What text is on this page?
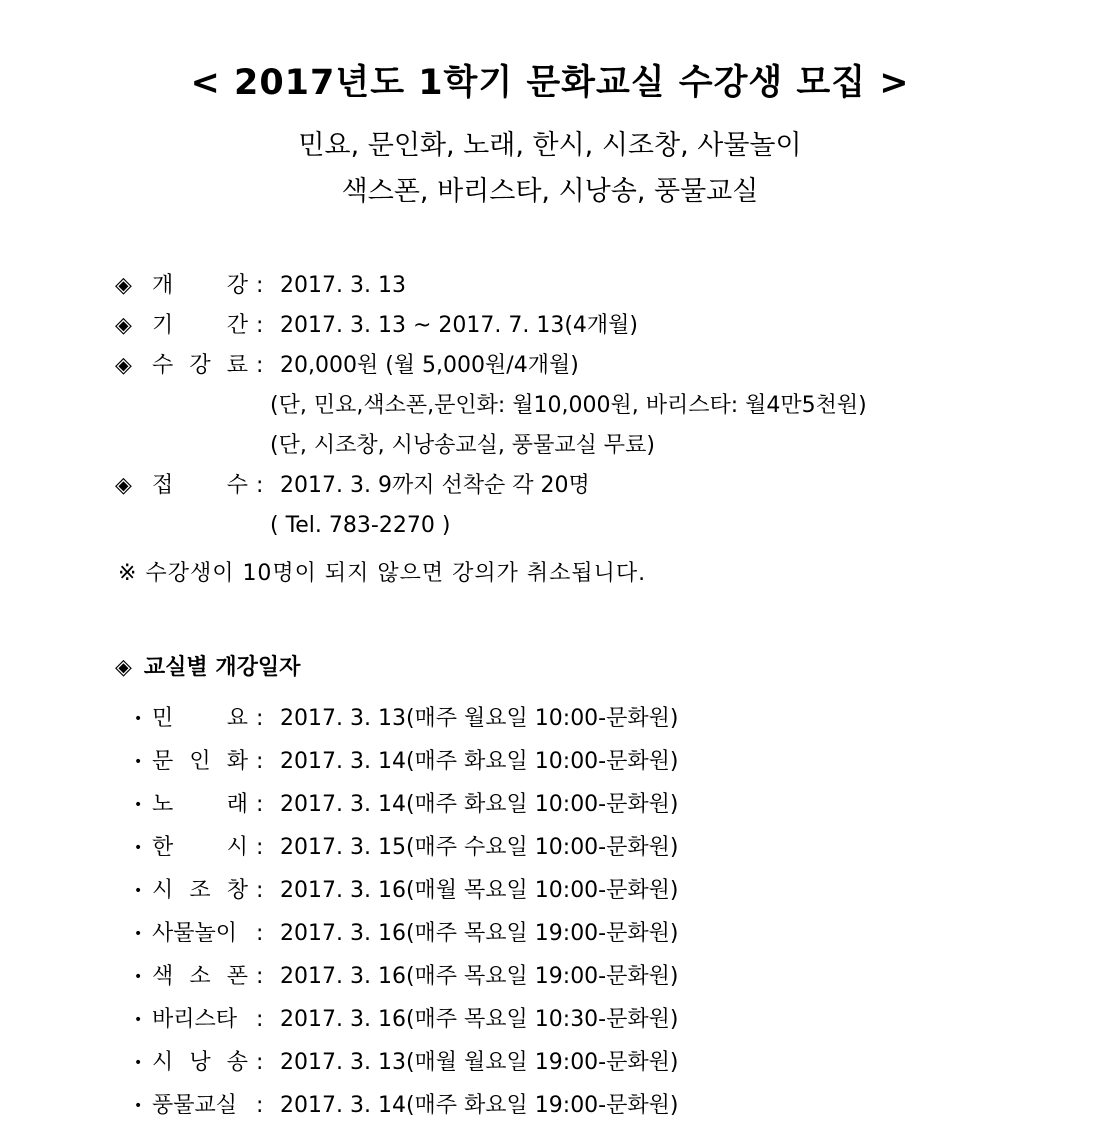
< 2017년도 1학기 문화교실 수강생 모집 >
민요, 문인화, 노래, 한시, 시조창, 사물놀이
색스폰, 바리스타, 시낭송, 풍물교실
◈ 개 강 : 2017. 3. 13
◈ 기 간 : 2017. 3. 13 ~ 2017. 7. 13(4개월)
◈ 수 강 료 : 20,000원 (월 5,000원/4개월)
(단, 민요,색소폰,문인화: 월10,000원, 바리스타: 월4만5천원)
(단, 시조창, 시낭송교실, 풍물교실 무료)
◈ 접 수 : 2017. 3. 9까지 선착순 각 20명
( Tel. 783-2270 )
※ 수강생이 10명이 되지 않으면 강의가 취소됩니다.
◈ 교실별 개강일자
• 민 요 : 2017. 3. 13(매주 월요일 10:00-문화원)
• 문 인 화 : 2017. 3. 14(매주 화요일 10:00-문화원)
• 노 래 : 2017. 3. 14(매주 화요일 10:00-문화원)
• 한 시 : 2017. 3. 15(매주 수요일 10:00-문화원)
• 시 조 창 : 2017. 3. 16(매월 목요일 10:00-문화원)
• 사물놀이 : 2017. 3. 16(매주 목요일 19:00-문화원)
• 색 소 폰 : 2017. 3. 16(매주 목요일 19:00-문화원)
• 바리스타 : 2017. 3. 16(매주 목요일 10:30-문화원)
• 시 낭 송 : 2017. 3. 13(매월 월요일 19:00-문화원)
• 풍물교실 : 2017. 3. 14(매주 화요일 19:00-문화원)
